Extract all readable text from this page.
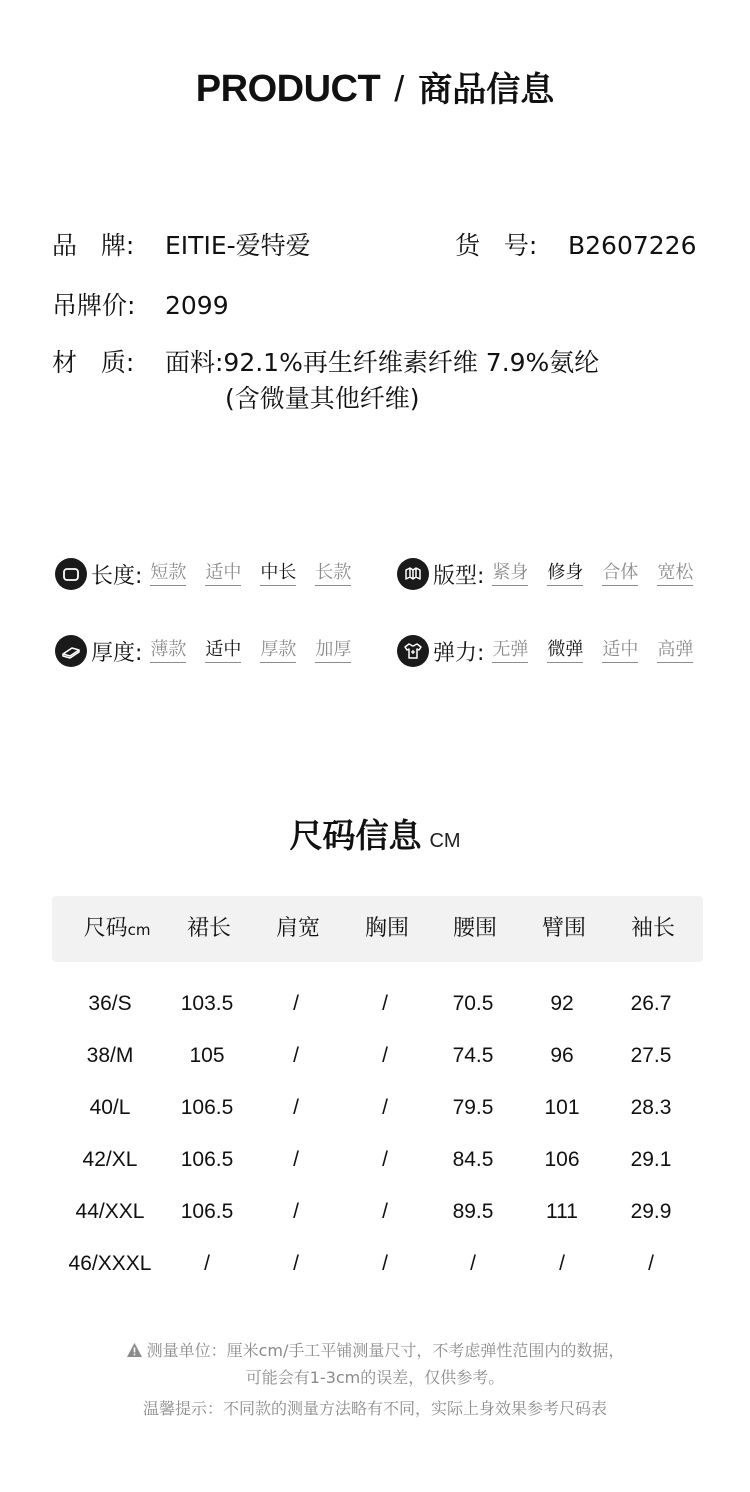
PRODUCT / 商品信息
品   牌: EITIE-爱特爱	货   号: B2607226
吊牌价: 2099
材   质: 面料:92.1%再生纤维素纤维 7.9%氨纶
(含微量其他纤维)
长度: 短款 适中 中长 长款	版型: 紧身 修身 合体 宽松
厚度: 薄款 适中 厚款 加厚	弹力: 无弹 微弹 适中 高弹
尺码信息 CM
尺码cm	裙长	肩宽	胸围	腰围	臂围	袖长
36/S	103.5	/	/	70.5	92	26.7
38/M	105	/	/	74.5	96	27.5
40/L	106.5	/	/	79.5	101	28.3
42/XL	106.5	/	/	84.5	106	29.1
44/XXL	106.5	/	/	89.5	111	29.9
46/XXXL	/	/	/	/	/	/
测量单位：厘米cm/手工平铺测量尺寸，不考虑弹性范围内的数据，
可能会有1-3cm的误差，仅供参考。
温馨提示：不同款的测量方法略有不同，实际上身效果参考尺码表
